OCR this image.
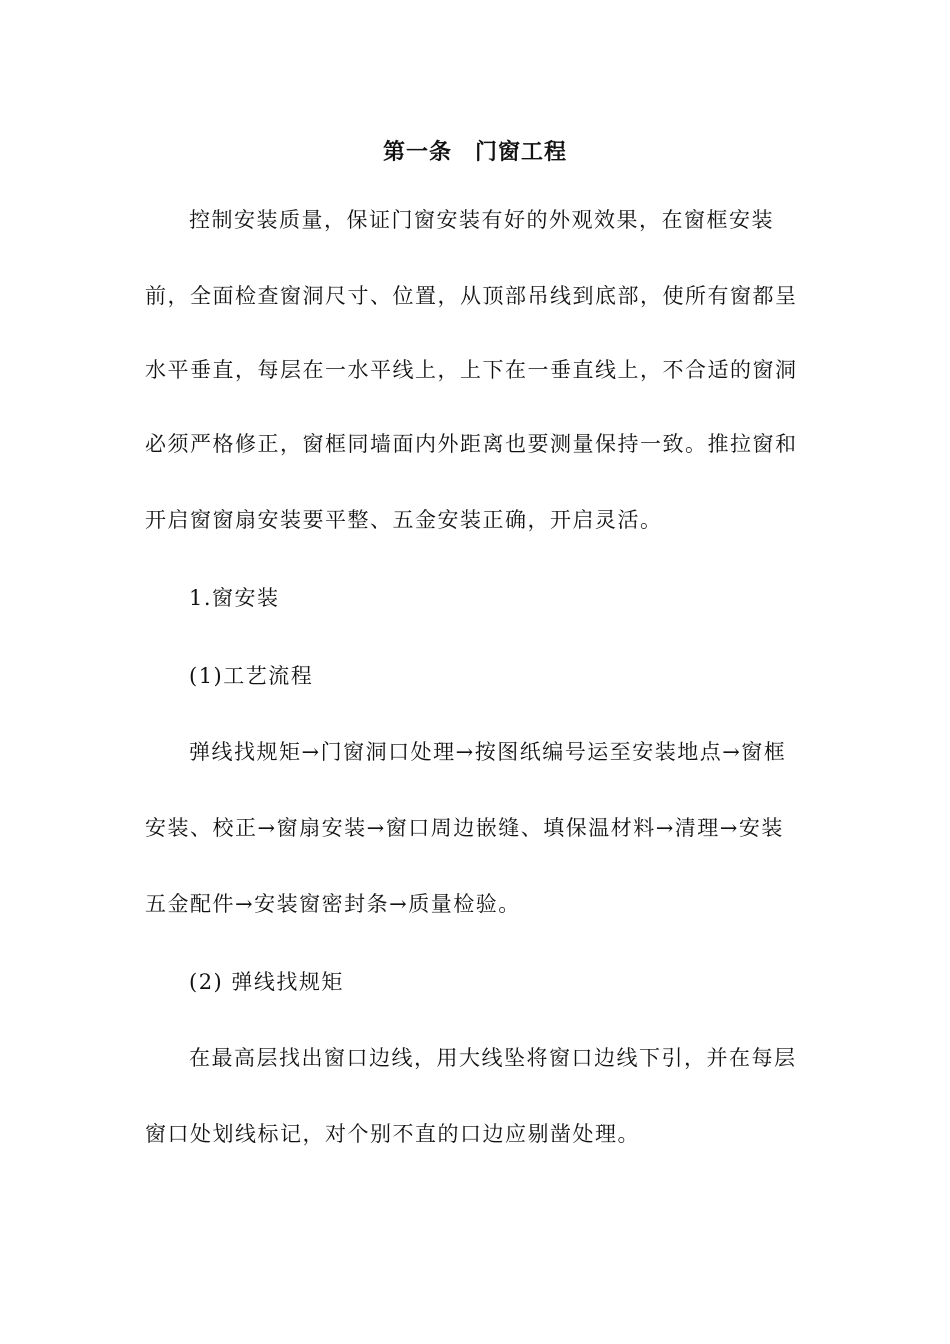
第一条　门窗工程
控制安装质量，保证门窗安装有好的外观效果，在窗框安装
前，全面检查窗洞尺寸、位置，从顶部吊线到底部，使所有窗都呈
水平垂直，每层在一水平线上，上下在一垂直线上，不合适的窗洞
必须严格修正，窗框同墙面内外距离也要测量保持一致。推拉窗和
开启窗窗扇安装要平整、五金安装正确，开启灵活。
1.窗安装
(1)工艺流程
弹线找规矩→门窗洞口处理→按图纸编号运至安装地点→窗框
安装、校正→窗扇安装→窗口周边嵌缝、填保温材料→清理→安装
五金配件→安装窗密封条→质量检验。
(2) 弹线找规矩
在最高层找出窗口边线，用大线坠将窗口边线下引，并在每层
窗口处划线标记，对个别不直的口边应剔凿处理。
